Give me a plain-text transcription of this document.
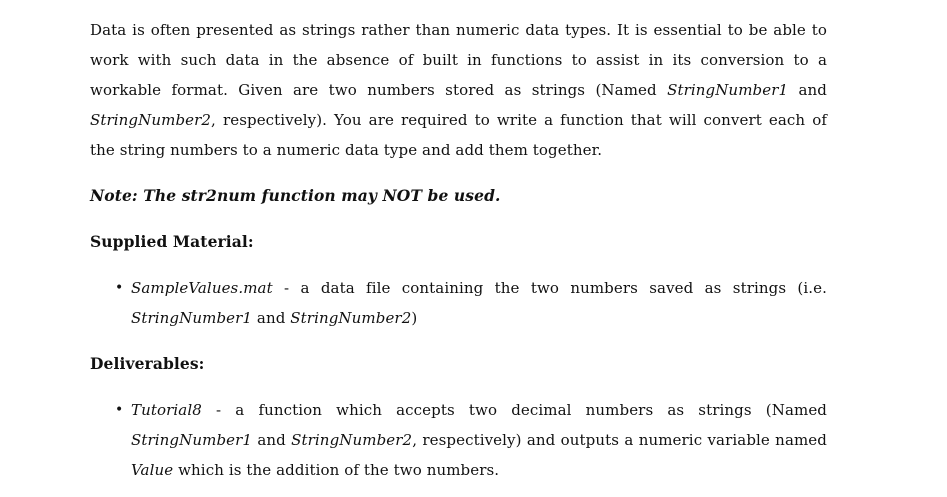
Data is often presented as strings rather than numeric data types. It is essential to be able to work with such data in the absence of built in functions to assist in its conversion to a workable format. Given are two numbers stored as strings (Named StringNumber1 and StringNumber2, respectively). You are required to write a function that will convert each of the string numbers to a numeric data type and add them together.

Note: The str2num function may NOT be used.

Supplied Material:

• SampleValues.mat - a data file containing the two numbers saved as strings (i.e. StringNumber1 and StringNumber2)

Deliverables:

• Tutorial8 - a function which accepts two decimal numbers as strings (Named StringNumber1 and StringNumber2, respectively) and outputs a numeric variable named Value which is the addition of the two numbers.
